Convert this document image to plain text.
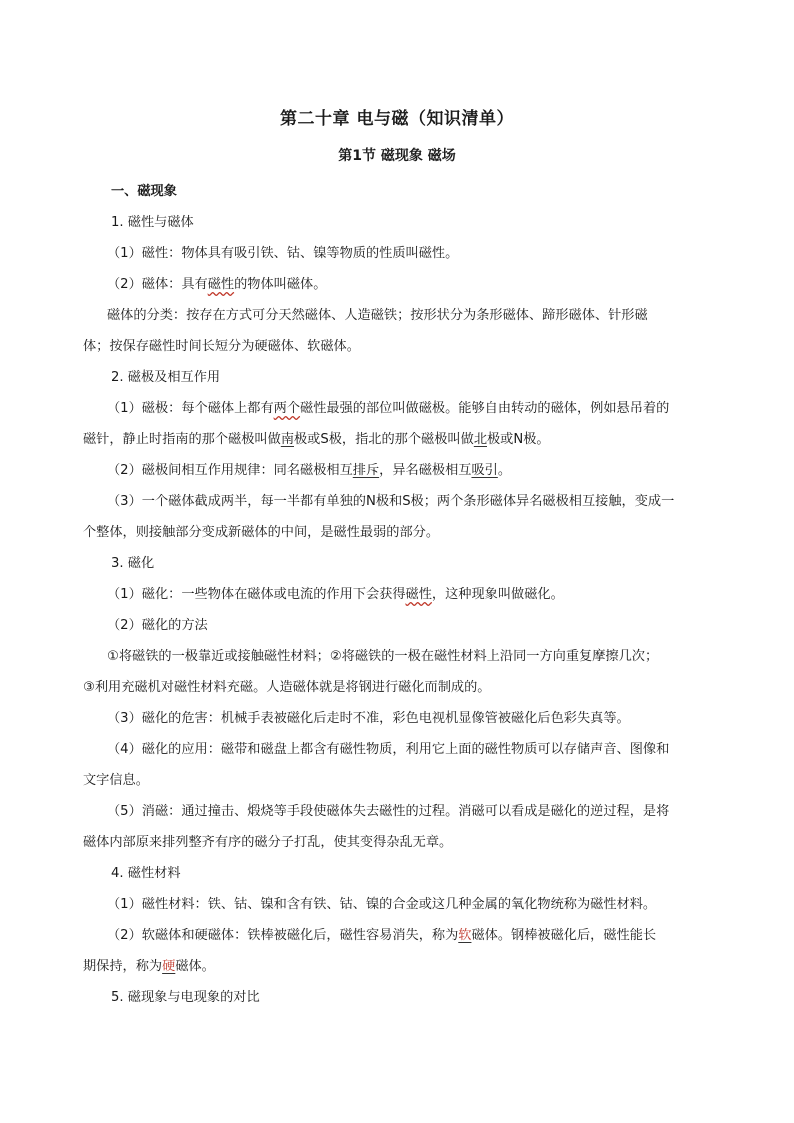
第二十章 电与磁（知识清单）
第1节 磁现象 磁场

一、磁现象

1. 磁性与磁体

（1）磁性：物体具有吸引铁、钴、镍等物质的性质叫磁性。

（2）磁体：具有磁性的物体叫磁体。

磁体的分类：按存在方式可分天然磁体、人造磁铁；按形状分为条形磁体、蹄形磁体、针形磁

体；按保存磁性时间长短分为硬磁体、软磁体。

2. 磁极及相互作用

（1）磁极：每个磁体上都有两个磁性最强的部位叫做磁极。能够自由转动的磁体，例如悬吊着的

磁针，静止时指南的那个磁极叫做南极或S极，指北的那个磁极叫做北极或N极。

（2）磁极间相互作用规律：同名磁极相互排斥，异名磁极相互吸引。

（3）一个磁体截成两半，每一半都有单独的N极和S极；两个条形磁体异名磁极相互接触，变成一

个整体，则接触部分变成新磁体的中间，是磁性最弱的部分。

3. 磁化

（1）磁化：一些物体在磁体或电流的作用下会获得磁性，这种现象叫做磁化。

（2）磁化的方法

①将磁铁的一极靠近或接触磁性材料；②将磁铁的一极在磁性材料上沿同一方向重复摩擦几次；

③利用充磁机对磁性材料充磁。人造磁体就是将钢进行磁化而制成的。

（3）磁化的危害：机械手表被磁化后走时不准，彩色电视机显像管被磁化后色彩失真等。

（4）磁化的应用：磁带和磁盘上都含有磁性物质，利用它上面的磁性物质可以存储声音、图像和

文字信息。

（5）消磁：通过撞击、煅烧等手段使磁体失去磁性的过程。消磁可以看成是磁化的逆过程，是将

磁体内部原来排列整齐有序的磁分子打乱，使其变得杂乱无章。

4. 磁性材料

（1）磁性材料：铁、钴、镍和含有铁、钴、镍的合金或这几种金属的氧化物统称为磁性材料。

（2）软磁体和硬磁体：铁棒被磁化后，磁性容易消失，称为软磁体。钢棒被磁化后，磁性能长

期保持，称为硬磁体。

5. 磁现象与电现象的对比
